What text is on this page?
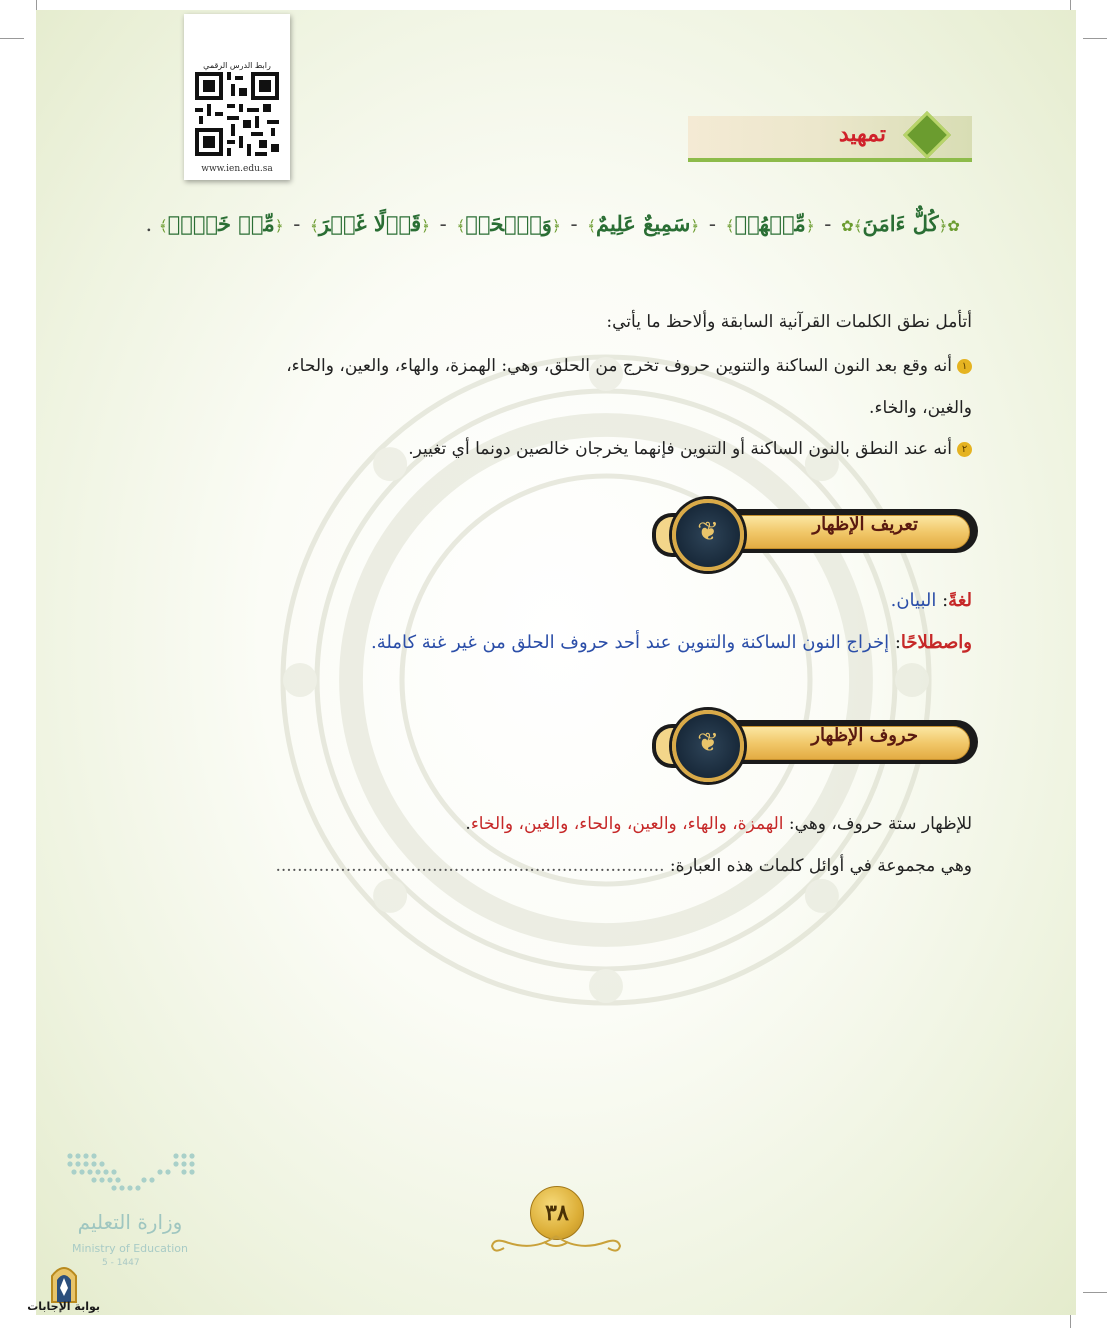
رابط الدرس الرقمي
www.ien.edu.sa
تمهيد
✿﴿كُلٌّ ءَامَنَ﴾✿ - ﴿مِّنۡهُمۡ﴾ - ﴿سَمِيعٌ عَلِيمٌ﴾ - ﴿وَٱنۡحَرۡ﴾ - ﴿قَوۡلًا غَيۡرَ﴾ - ﴿مِّنۡ خَيۡرٖ﴾ .
أتأمل نطق الكلمات القرآنية السابقة وألاحظ ما يأتي:
١أنه وقع بعد النون الساكنة والتنوين حروف تخرج من الحلق، وهي: الهمزة، والهاء، والعين، والحاء،
والغين، والخاء.
٢أنه عند النطق بالنون الساكنة أو التنوين فإنهما يخرجان خالصين دونما أي تغيير.
تعريف الإظهار
❦
لغةً: البيان.
واصطلاحًا: إخراج النون الساكنة والتنوين عند أحد حروف الحلق من غير غنة كاملة.
حروف الإظهار
❦
للإظهار ستة حروف، وهي: الهمزة، والهاء، والعين، والحاء، والغين، والخاء.
وهي مجموعة في أوائل كلمات هذه العبارة: ........................................................................
وزارة التعليم
Ministry of Education
5 - 1447
بوابة الإجابات
٣٨
